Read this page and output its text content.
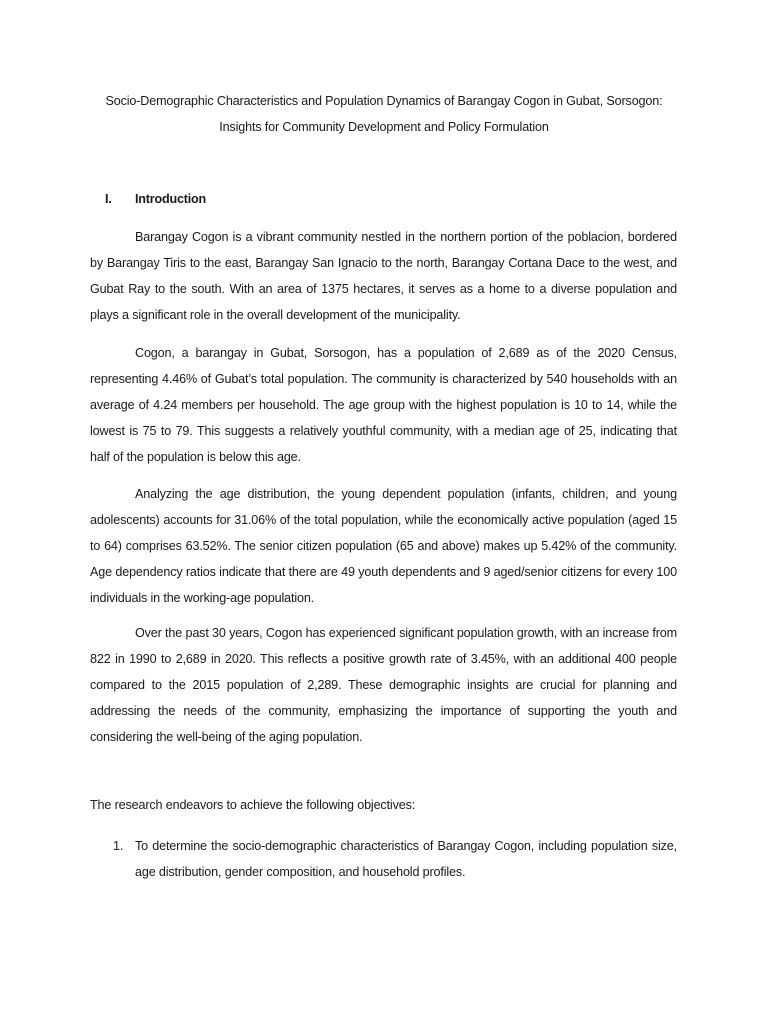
Socio-Demographic Characteristics and Population Dynamics of Barangay Cogon in Gubat, Sorsogon:
Insights for Community Development and Policy Formulation
I. Introduction

Barangay Cogon is a vibrant community nestled in the northern portion of the poblacion, bordered by Barangay Tiris to the east, Barangay San Ignacio to the north, Barangay Cortana Dace to the west, and Gubat Ray to the south. With an area of 1375 hectares, it serves as a home to a diverse population and plays a significant role in the overall development of the municipality.

Cogon, a barangay in Gubat, Sorsogon, has a population of 2,689 as of the 2020 Census, representing 4.46% of Gubat’s total population. The community is characterized by 540 households with an average of 4.24 members per household. The age group with the highest population is 10 to 14, while the lowest is 75 to 79. This suggests a relatively youthful community, with a median age of 25, indicating that half of the population is below this age.

Analyzing the age distribution, the young dependent population (infants, children, and young adolescents) accounts for 31.06% of the total population, while the economically active population (aged 15 to 64) comprises 63.52%. The senior citizen population (65 and above) makes up 5.42% of the community. Age dependency ratios indicate that there are 49 youth dependents and 9 aged/senior citizens for every 100 individuals in the working-age population.

Over the past 30 years, Cogon has experienced significant population growth, with an increase from 822 in 1990 to 2,689 in 2020. This reflects a positive growth rate of 3.45%, with an additional 400 people compared to the 2015 population of 2,289. These demographic insights are crucial for planning and addressing the needs of the community, emphasizing the importance of supporting the youth and considering the well-being of the aging population.

The research endeavors to achieve the following objectives:
1. To determine the socio-demographic characteristics of Barangay Cogon, including population size, age distribution, gender composition, and household profiles.
